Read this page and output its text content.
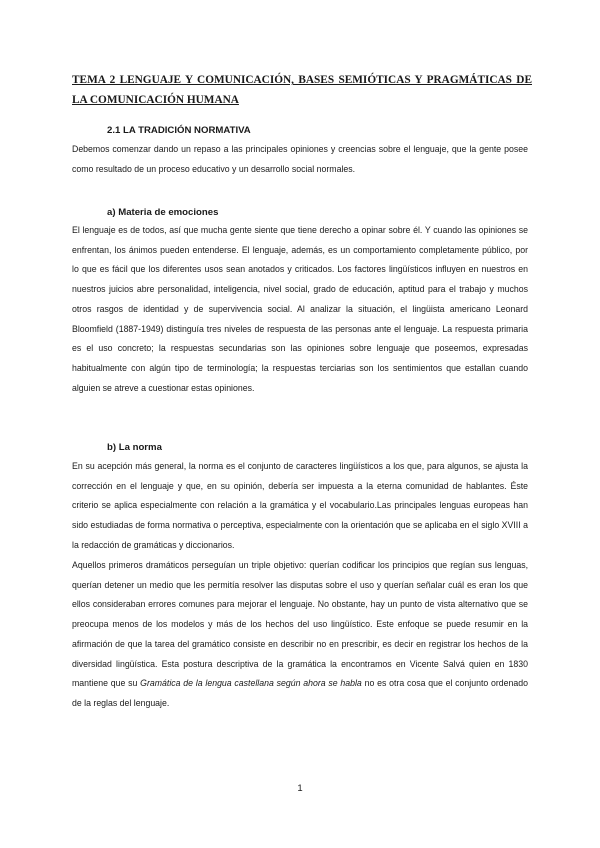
TEMA 2 LENGUAJE Y COMUNICACIÓN, BASES SEMIÓTICAS Y PRAGMÁTICAS DE LA COMUNICACIÓN HUMANA
2.1 LA TRADICIÓN NORMATIVA

Debemos comenzar dando un repaso a las principales opiniones y creencias sobre el lenguaje, que la gente posee como resultado de un proceso educativo y un desarrollo social normales.

a) Materia de emociones

El lenguaje es de todos, así que mucha gente siente que tiene derecho a opinar sobre él. Y cuando las opiniones se enfrentan, los ánimos pueden entenderse. El lenguaje, además, es un comportamiento completamente público, por lo que es fácil que los diferentes usos sean anotados y criticados. Los factores lingüísticos influyen en nuestros en nuestros juicios abre personalidad, inteligencia, nivel social, grado de educación, aptitud para el trabajo y muchos otros rasgos de identidad y de supervivencia social. Al analizar la situación, el lingüista americano Leonard Bloomfield (1887-1949) distinguía tres niveles de respuesta de las personas ante el lenguaje. La respuesta primaria es el uso concreto; la respuestas secundarias son las opiniones sobre lenguaje que poseemos, expresadas habitualmente con algún tipo de terminología; la respuestas terciarias son los sentimientos que estallan cuando alguien se atreve a cuestionar estas opiniones.

b) La norma

En su acepción más general, la norma es el conjunto de caracteres lingüísticos a los que, para algunos, se ajusta la corrección en el lenguaje y que, en su opinión, debería ser impuesta a la eterna comunidad de hablantes. Éste criterio se aplica especialmente con relación a la gramática y el vocabulario.Las principales lenguas europeas han sido estudiadas de forma normativa o perceptiva, especialmente con la orientación que se aplicaba en el siglo XVIII a la redacción de gramáticas y diccionarios.

Aquellos primeros dramáticos perseguían un triple objetivo: querían codificar los principios que regían sus lenguas, querían detener un medio que les permitía resolver las disputas sobre el uso y querían señalar cuál es eran los que ellos consideraban errores comunes para mejorar el lenguaje. No obstante, hay un punto de vista alternativo que se preocupa menos de los modelos y más de los hechos del uso lingüístico. Este enfoque se puede resumir en la afirmación de que la tarea del gramático consiste en describir no en prescribir, es decir en registrar los hechos de la diversidad lingüística. Esta postura descriptiva de la gramática la encontramos en Vicente Salvá quien en 1830 mantiene que su Gramática de la lengua castellana según ahora se habla no es otra cosa que el conjunto ordenado de la reglas del lenguaje.

1
